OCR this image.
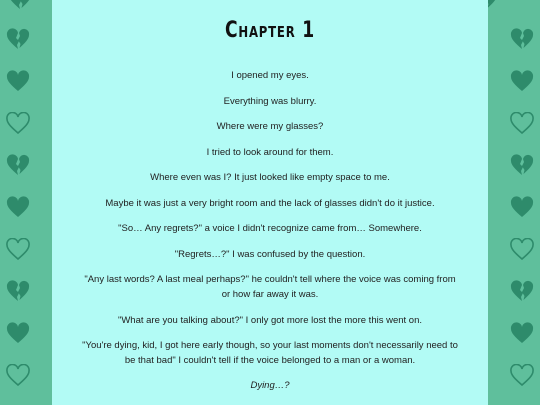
Chapter 1
I opened my eyes.
Everything was blurry.
Where were my glasses?
I tried to look around for them.
Where even was I? It just looked like empty space to me.
Maybe it was just a very bright room and the lack of glasses didn't do it justice.
"So… Any regrets?" a voice I didn't recognize came from… Somewhere.
"Regrets…?" I was confused by the question.
"Any last words? A last meal perhaps?" he couldn't tell where the voice was coming from or how far away it was.
"What are you talking about?" I only got more lost the more this went on.
"You're dying, kid, I got here early though, so your last moments don't necessarily need to be that bad" I couldn't tell if the voice belonged to a man or a woman.
Dying…?
